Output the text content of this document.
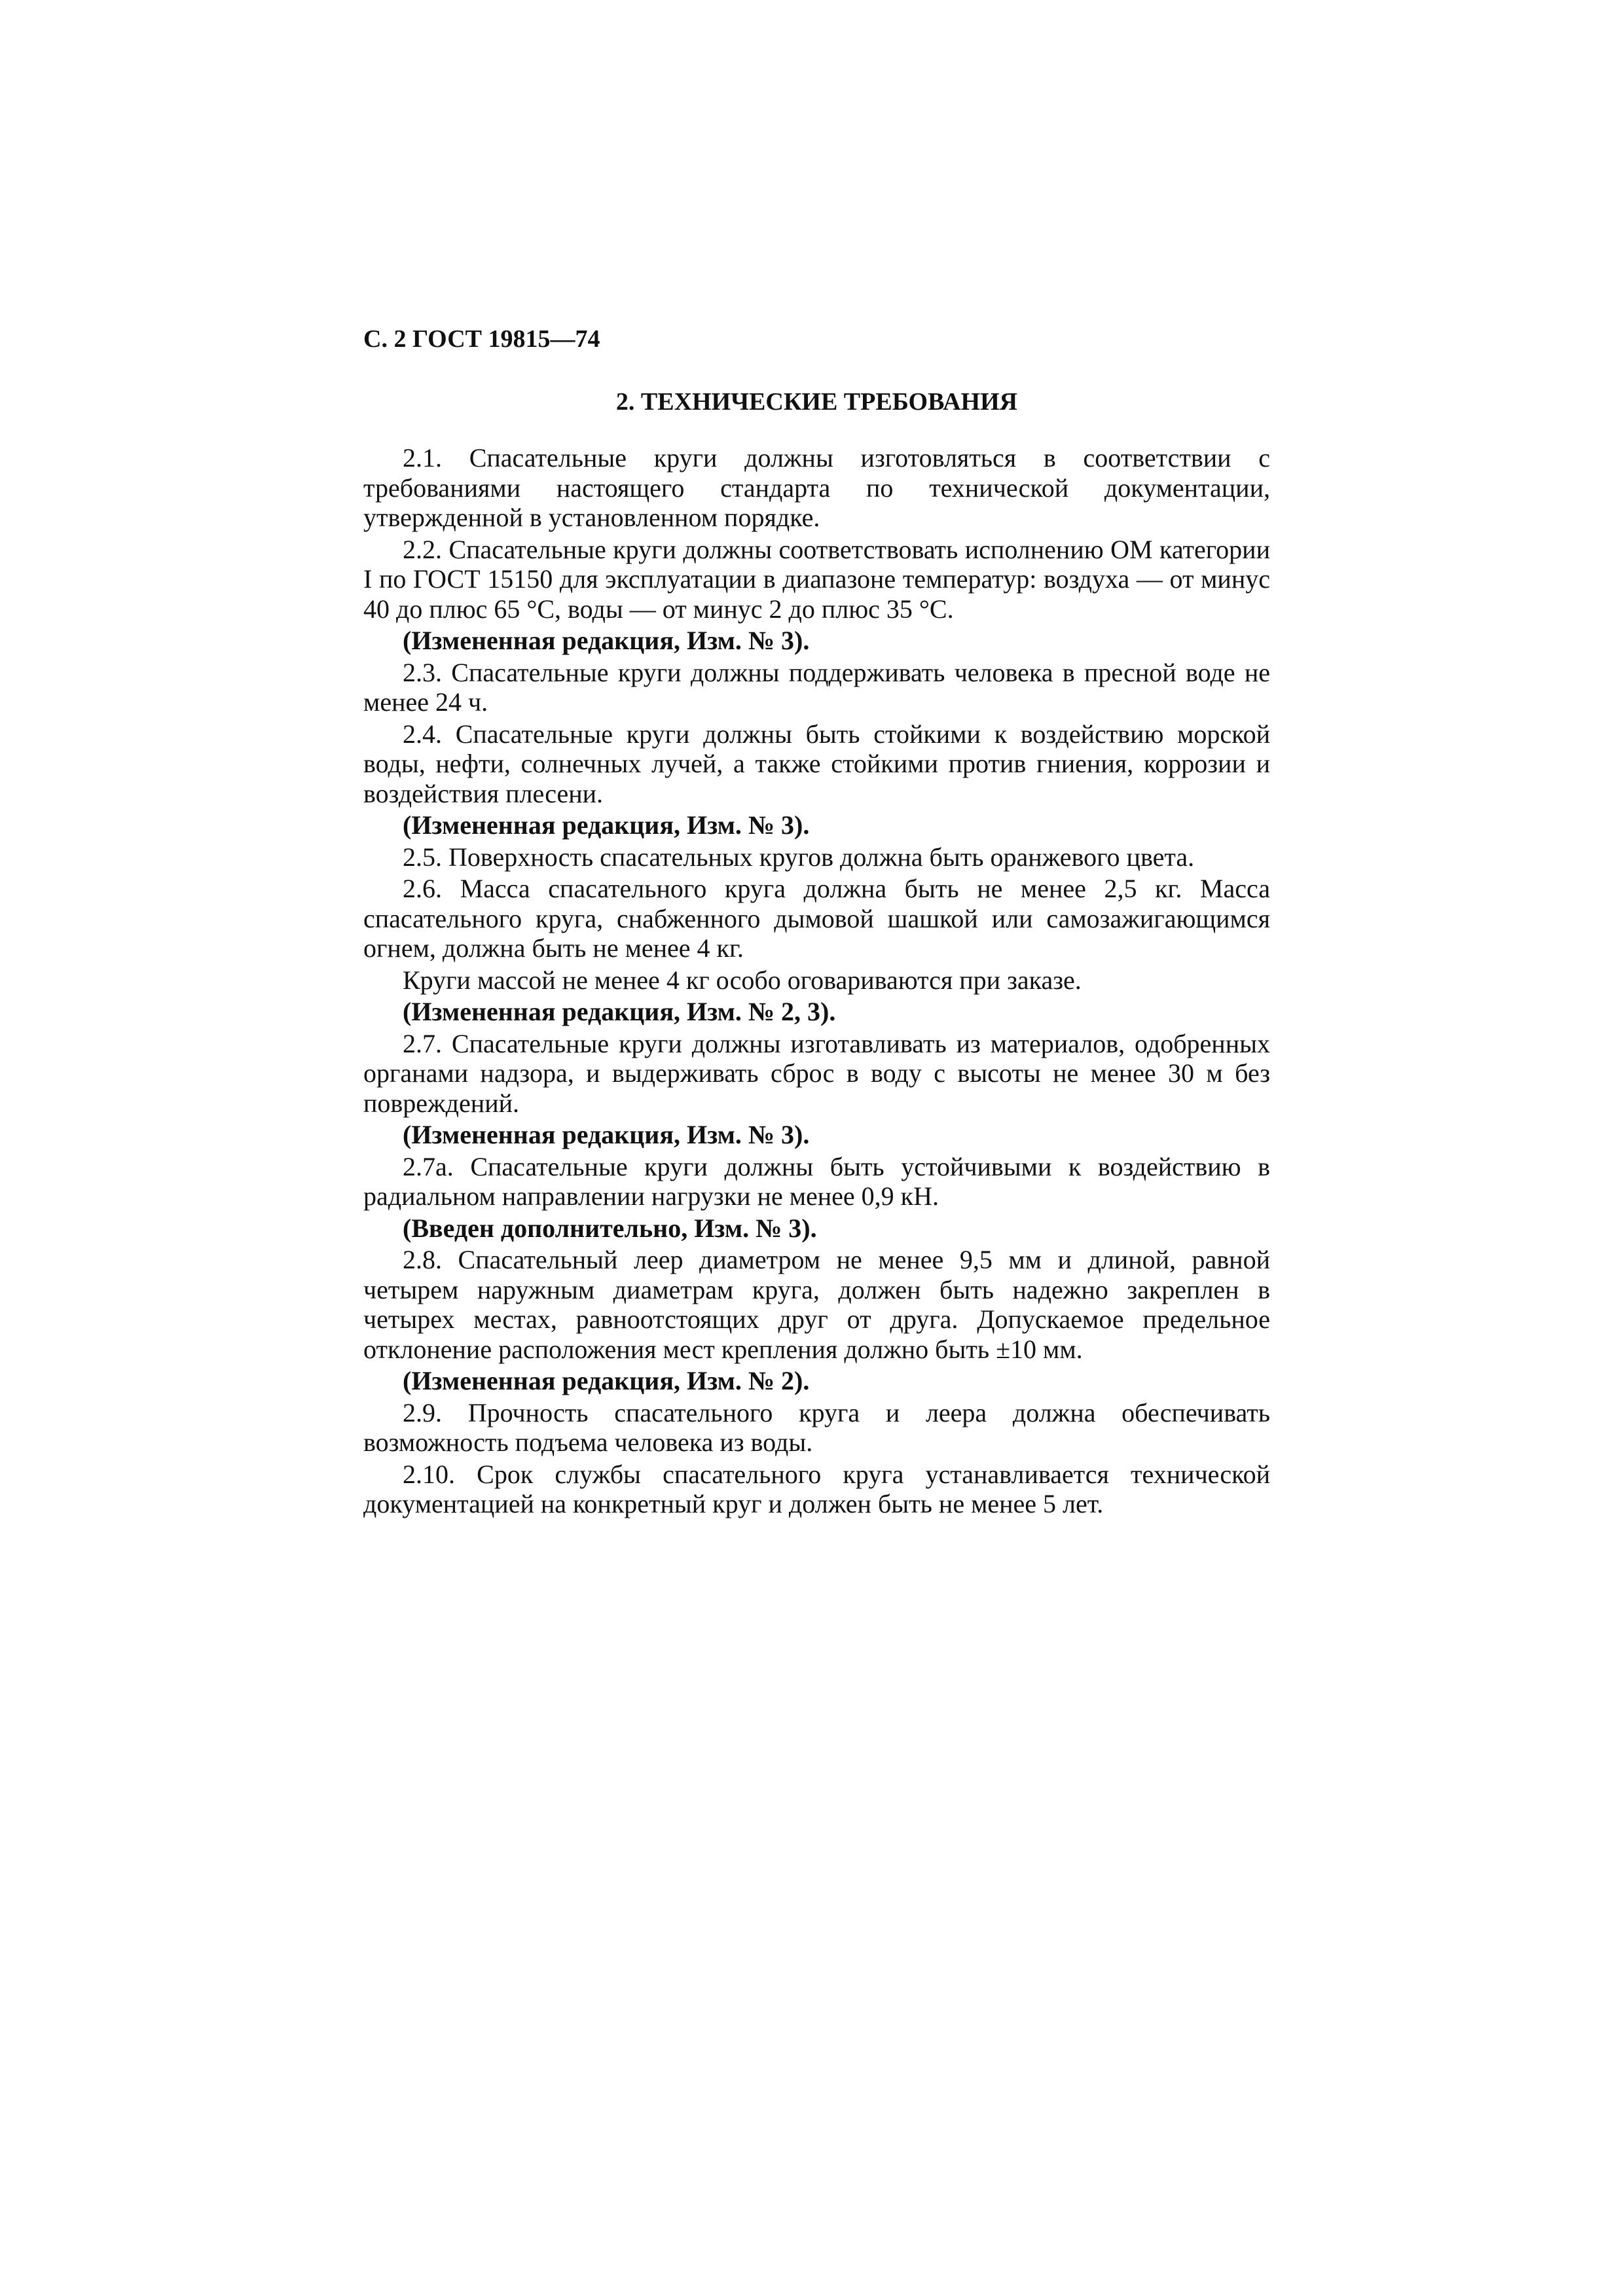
С. 2 ГОСТ 19815—74
2. ТЕХНИЧЕСКИЕ ТРЕБОВАНИЯ

2.1. Спасательные круги должны изготовляться в соответствии с требованиями настоящего стандарта по технической документации, утвержденной в установленном порядке.

2.2. Спасательные круги должны соответствовать исполнению ОМ категории I по ГОСТ 15150 для эксплуатации в диапазоне температур: воздуха — от минус 40 до плюс 65 °С, воды — от минус 2 до плюс 35 °С.

(Измененная редакция, Изм. № 3).

2.3. Спасательные круги должны поддерживать человека в пресной воде не менее 24 ч.

2.4. Спасательные круги должны быть стойкими к воздействию морской воды, нефти, солнечных лучей, а также стойкими против гниения, коррозии и воздействия плесени.

(Измененная редакция, Изм. № 3).

2.5. Поверхность спасательных кругов должна быть оранжевого цвета.

2.6. Масса спасательного круга должна быть не менее 2,5 кг. Масса спасательного круга, снабженного дымовой шашкой или самозажигающимся огнем, должна быть не менее 4 кг.

Круги массой не менее 4 кг особо оговариваются при заказе.

(Измененная редакция, Изм. № 2, 3).

2.7. Спасательные круги должны изготавливать из материалов, одобренных органами надзора, и выдерживать сброс в воду с высоты не менее 30 м без повреждений.

(Измененная редакция, Изм. № 3).

2.7а. Спасательные круги должны быть устойчивыми к воздействию в радиальном направлении нагрузки не менее 0,9 кН.

(Введен дополнительно, Изм. № 3).

2.8. Спасательный леер диаметром не менее 9,5 мм и длиной, равной четырем наружным диаметрам круга, должен быть надежно закреплен в четырех местах, равноотстоящих друг от друга. Допускаемое предельное отклонение расположения мест крепления должно быть ±10 мм.

(Измененная редакция, Изм. № 2).

2.9. Прочность спасательного круга и леера должна обеспечивать возможность подъема человека из воды.

2.10. Срок службы спасательного круга устанавливается технической документацией на конкретный круг и должен быть не менее 5 лет.
